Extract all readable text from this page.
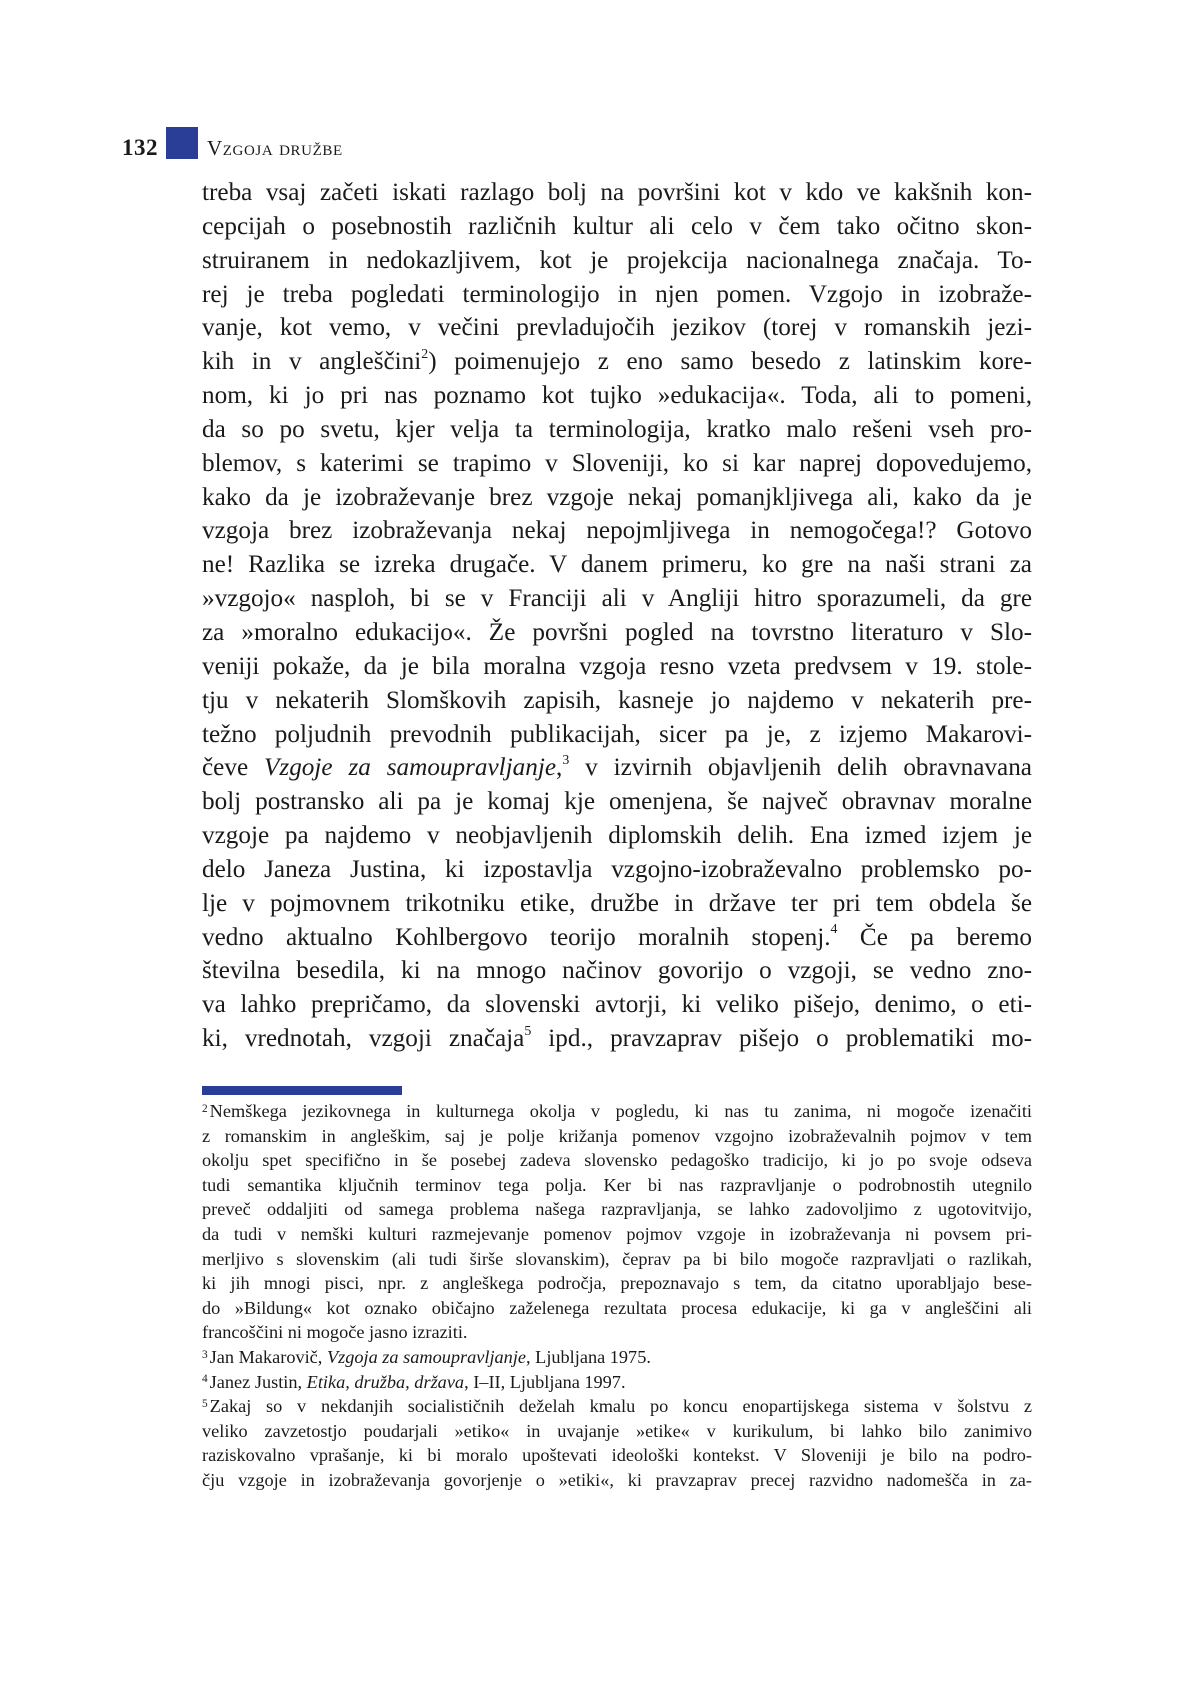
132 Vzgoja družbe
treba vsaj začeti iskati razlago bolj na površini kot v kdo ve kakšnih kon-
cepcijah o posebnostih različnih kultur ali celo v čem tako očitno skon-
struiranem in nedokazljivem, kot je projekcija nacionalnega značaja. To-
rej je treba pogledati terminologijo in njen pomen. Vzgojo in izobraže-
vanje, kot vemo, v večini prevladujočih jezikov (torej v romanskih jezi-
kih in v angleščini$^2$) poimenujejo z eno samo besedo z latinskim kore-
nom, ki jo pri nas poznamo kot tujko »edukacija«. Toda, ali to pomeni,
da so po svetu, kjer velja ta terminologija, kratko malo rešeni vseh pro-
blemov, s katerimi se trapimo v Sloveniji, ko si kar naprej dopovedujemo,
kako da je izobraževanje brez vzgoje nekaj pomanjkljivega ali, kako da je
vzgoja brez izobraževanja nekaj nepojmljivega in nemogočega!? Gotovo
ne! Razlika se izreka drugače. V danem primeru, ko gre na naši strani za
»vzgojo« nasploh, bi se v Franciji ali v Angliji hitro sporazumeli, da gre
za »moralno edukacijo«. Že površni pogled na tovrstno literaturo v Slo-
veniji pokaže, da je bila moralna vzgoja resno vzeta predvsem v 19. stole-
tju v nekaterih Slomškovih zapisih, kasneje jo najdemo v nekaterih pre-
težno poljudnih prevodnih publikacijah, sicer pa je, z izjemo Makarovi-
čeve Vzgoje za samoupravljanje,$^3$ v izvirnih objavljenih delih obravnavana
bolj postransko ali pa je komaj kje omenjena, še največ obravnav moralne
vzgoje pa najdemo v neobjavljenih diplomskih delih. Ena izmed izjem je
delo Janeza Justina, ki izpostavlja vzgojno-izobraževalno problemsko po-
lje v pojmovnem trikotniku etike, družbe in države ter pri tem obdela še
vedno aktualno Kohlbergovo teorijo moralnih stopenj.$^4$ Če pa beremo
številna besedila, ki na mnogo načinov govorijo o vzgoji, se vedno zno-
va lahko prepričamo, da slovenski avtorji, ki veliko pišejo, denimo, o eti-
ki, vrednotah, vzgoji značaja$^5$ ipd., pravzaprav pišejo o problematiki mo-
$^2$ Nemškega jezikovnega in kulturnega okolja v pogledu, ki nas tu zanima, ni mogoče izenačiti
z romanskim in angleškim, saj je polje križanja pomenov vzgojno izobraževalnih pojmov v tem
okolju spet specifično in še posebej zadeva slovensko pedagoško tradicijo, ki jo po svoje odseva
tudi semantika ključnih terminov tega polja. Ker bi nas razpravljanje o podrobnostih utegnilo
preveč oddaljiti od samega problema našega razpravljanja, se lahko zadovoljimo z ugotovitvijo,
da tudi v nemški kulturi razmejevanje pomenov pojmov vzgoje in izobraževanja ni povsem pri-
merljivo s slovenskim (ali tudi širše slovanskim), čeprav pa bi bilo mogoče razpravljati o razlikah,
ki jih mnogi pisci, npr. z angleškega področja, prepoznavajo s tem, da citatno uporabljajo bese-
do »Bildung« kot oznako običajno zaželenega rezultata procesa edukacije, ki ga v angleščini ali
francoščini ni mogoče jasno izraziti.
$^3$ Jan Makarovič, Vzgoja za samoupravljanje, Ljubljana 1975.
$^4$ Janez Justin, Etika, družba, država, I–II, Ljubljana 1997.
$^5$ Zakaj so v nekdanjih socialističnih deželah kmalu po koncu enopartijskega sistema v šolstvu z
veliko zavzetostjo poudarjali »etiko« in uvajanje »etike« v kurikulum, bi lahko bilo zanimivo
raziskovalno vprašanje, ki bi moralo upoštevati ideološki kontekst. V Sloveniji je bilo na podro-
čju vzgoje in izobraževanja govorjenje o »etiki«, ki pravzaprav precej razvidno nadomešča in za-
